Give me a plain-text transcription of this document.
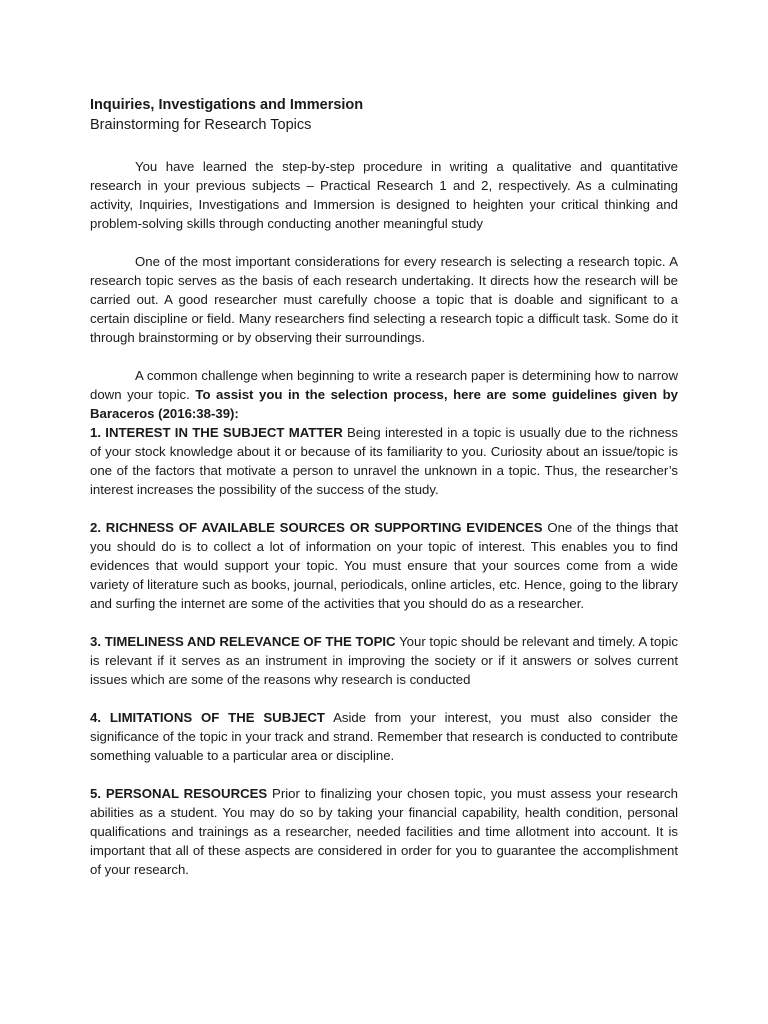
Inquiries, Investigations and Immersion
Brainstorming for Research Topics

You have learned the step-by-step procedure in writing a qualitative and quantitative research in your previous subjects – Practical Research 1 and 2, respectively. As a culminating activity, Inquiries, Investigations and Immersion is designed to heighten your critical thinking and problem-solving skills through conducting another meaningful study

One of the most important considerations for every research is selecting a research topic. A research topic serves as the basis of each research undertaking. It directs how the research will be carried out. A good researcher must carefully choose a topic that is doable and significant to a certain discipline or field. Many researchers find selecting a research topic a difficult task. Some do it through brainstorming or by observing their surroundings.

A common challenge when beginning to write a research paper is determining how to narrow down your topic. To assist you in the selection process, here are some guidelines given by Baraceros (2016:38-39):

1. INTEREST IN THE SUBJECT MATTER Being interested in a topic is usually due to the richness of your stock knowledge about it or because of its familiarity to you. Curiosity about an issue/topic is one of the factors that motivate a person to unravel the unknown in a topic. Thus, the researcher’s interest increases the possibility of the success of the study.

2. RICHNESS OF AVAILABLE SOURCES OR SUPPORTING EVIDENCES One of the things that you should do is to collect a lot of information on your topic of interest. This enables you to find evidences that would support your topic. You must ensure that your sources come from a wide variety of literature such as books, journal, periodicals, online articles, etc. Hence, going to the library and surfing the internet are some of the activities that you should do as a researcher.

3. TIMELINESS AND RELEVANCE OF THE TOPIC Your topic should be relevant and timely. A topic is relevant if it serves as an instrument in improving the society or if it answers or solves current issues which are some of the reasons why research is conducted

4. LIMITATIONS OF THE SUBJECT Aside from your interest, you must also consider the significance of the topic in your track and strand. Remember that research is conducted to contribute something valuable to a particular area or discipline.

5. PERSONAL RESOURCES Prior to finalizing your chosen topic, you must assess your research abilities as a student. You may do so by taking your financial capability, health condition, personal qualifications and trainings as a researcher, needed facilities and time allotment into account. It is important that all of these aspects are considered in order for you to guarantee the accomplishment of your research.
